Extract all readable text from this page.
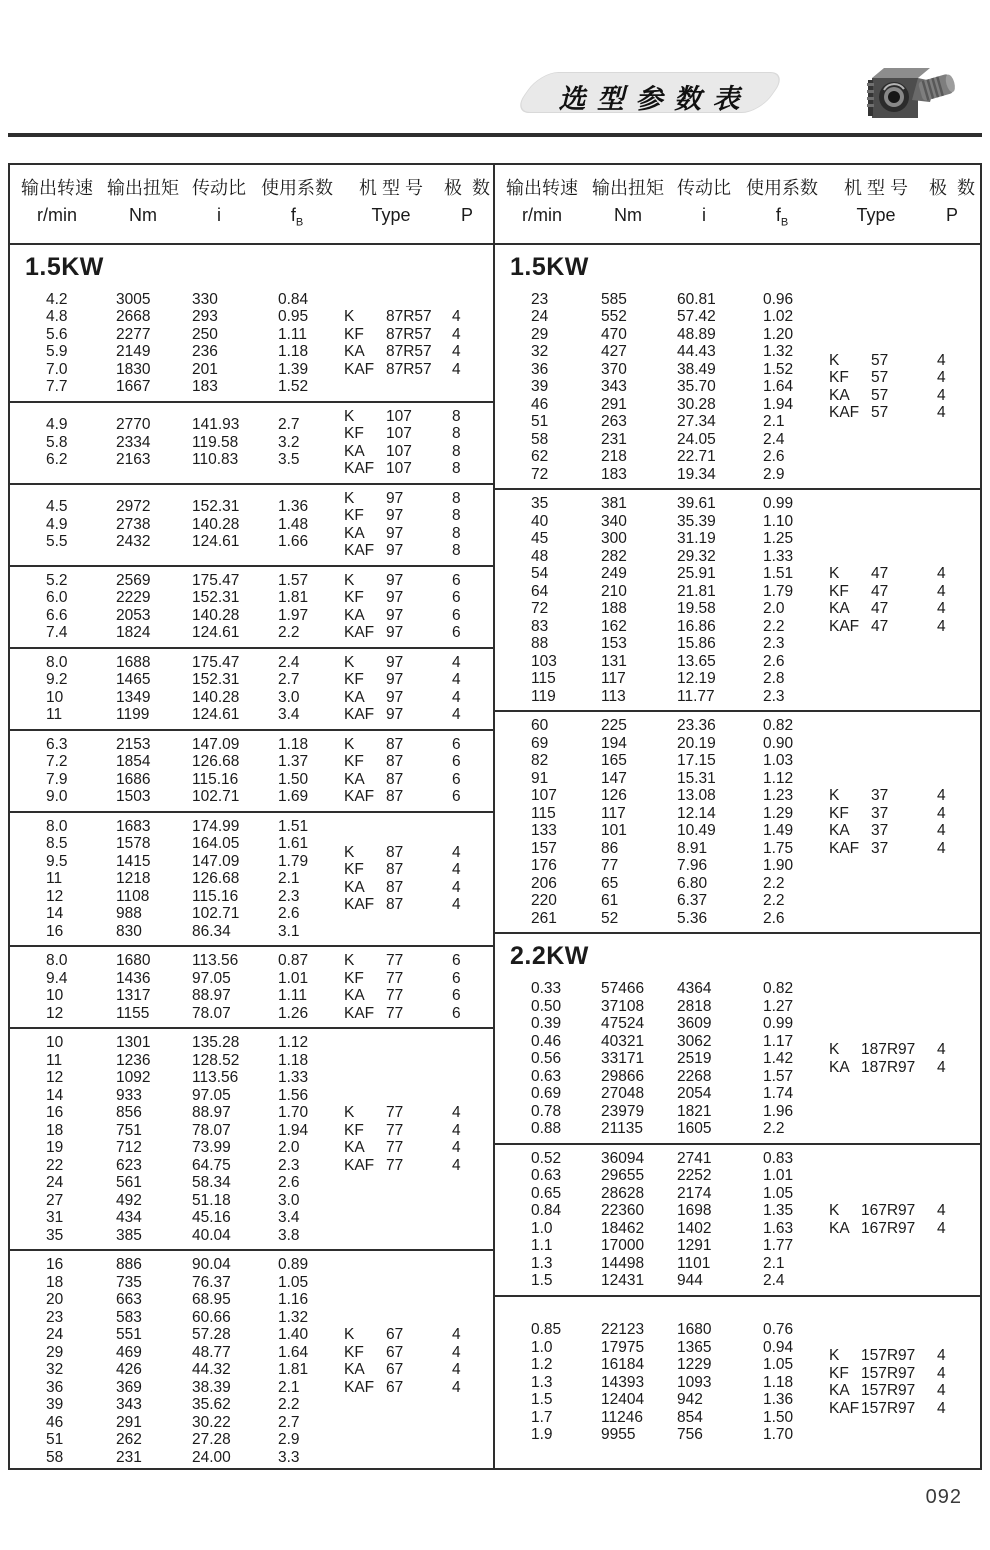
选 型 参 数 表
输出转速 输出扭矩 传动比 使用系数	机 型 号	极  数
r/min	Nm	i	$f_B$	Type	P
1.5KW
4.2	3005	330	0.84
4.8	2668	293	0.95
5.6	2277	250	1.11
5.9	2149	236	1.18
7.0	1830	201	1.39
7.7	1667	183	1.52
K	87R57	4
KF	87R57	4
KA	87R57	4
KAF 87R57	4
4.9	2770	141.93	2.7
5.8	2334	119.58	3.2
6.2	2163	110.83	3.5
K	107	8
KF	107	8
KA	107	8
KAF 107	8
4.5	2972	152.31	1.36
4.9	2738	140.28	1.48
5.5	2432	124.61	1.66
K	97	8
KF	97	8
KA	97	8
KAF 97	8
5.2	2569	175.47	1.57
6.0	2229	152.31	1.81
6.6	2053	140.28	1.97
7.4	1824	124.61	2.2
K	97	6
KF	97	6
KA	97	6
KAF 97	6
8.0	1688	175.47	2.4
9.2	1465	152.31	2.7
10	1349	140.28	3.0
11	1199	124.61	3.4
K	97	4
KF	97	4
KA	97	4
KAF 97	4
6.3	2153	147.09	1.18
7.2	1854	126.68	1.37
7.9	1686	115.16	1.50
9.0	1503	102.71	1.69
K	87	6
KF	87	6
KA	87	6
KAF 87	6
8.0	1683	174.99	1.51
8.5	1578	164.05	1.61
9.5	1415	147.09	1.79
11	1218	126.68	2.1
12	1108	115.16	2.3
14	988	102.71	2.6
16	830	86.34	3.1
K	87	4
KF	87	4
KA	87	4
KAF 87	4
8.0	1680	113.56	0.87
9.4	1436	97.05	1.01
10	1317	88.97	1.11
12	1155	78.07	1.26
K	77	6
KF	77	6
KA	77	6
KAF 77	6
10	1301	135.28	1.12
11	1236	128.52	1.18
12	1092	113.56	1.33
14	933	97.05	1.56
16	856	88.97	1.70
18	751	78.07	1.94
19	712	73.99	2.0
22	623	64.75	2.3
24	561	58.34	2.6
27	492	51.18	3.0
31	434	45.16	3.4
35	385	40.04	3.8
K	77	4
KF	77	4
KA	77	4
KAF 77	4
16	886	90.04	0.89
18	735	76.37	1.05
20	663	68.95	1.16
23	583	60.66	1.32
24	551	57.28	1.40
29	469	48.77	1.64
32	426	44.32	1.81
36	369	38.39	2.1
39	343	35.62	2.2
46	291	30.22	2.7
51	262	27.28	2.9
58	231	24.00	3.3
K	67	4
KF	67	4
KA	67	4
KAF 67	4
输出转速 输出扭矩 传动比 使用系数	机 型 号	极  数
r/min	Nm	i	$f_B$	Type	P
1.5KW
23	585	60.81	0.96
24	552	57.42	1.02
29	470	48.89	1.20
32	427	44.43	1.32
36	370	38.49	1.52
39	343	35.70	1.64
46	291	30.28	1.94
51	263	27.34	2.1
58	231	24.05	2.4
62	218	22.71	2.6
72	183	19.34	2.9
K	57	4
KF	57	4
KA	57	4
KAF 57	4
35	381	39.61	0.99
40	340	35.39	1.10
45	300	31.19	1.25
48	282	29.32	1.33
54	249	25.91	1.51
64	210	21.81	1.79
72	188	19.58	2.0
83	162	16.86	2.2
88	153	15.86	2.3
103	131	13.65	2.6
115	117	12.19	2.8
119	113	11.77	2.3
K	47	4
KF	47	4
KA	47	4
KAF 47	4
60	225	23.36	0.82
69	194	20.19	0.90
82	165	17.15	1.03
91	147	15.31	1.12
107	126	13.08	1.23
115	117	12.14	1.29
133	101	10.49	1.49
157	86	8.91	1.75
176	77	7.96	1.90
206	65	6.80	2.2
220	61	6.37	2.2
261	52	5.36	2.6
K	37	4
KF	37	4
KA	37	4
KAF 37	4
2.2KW
0.33	57466	4364	0.82
0.50	37108	2818	1.27
0.39	47524	3609	0.99
0.46	40321	3062	1.17
0.56	33171	2519	1.42
0.63	29866	2268	1.57
0.69	27048	2054	1.74
0.78	23979	1821	1.96
0.88	21135	1605	2.2
K	187R97	4
KA 187R97	4
0.52	36094	2741	0.83
0.63	29655	2252	1.01
0.65	28628	2174	1.05
0.84	22360	1698	1.35
1.0	18462	1402	1.63
1.1	17000	1291	1.77
1.3	14498	1101	2.1
1.5	12431	944	2.4
K	167R97	4
KA 167R97	4
0.85	22123	1680	0.76
1.0	17975	1365	0.94
1.2	16184	1229	1.05
1.3	14393	1093	1.18
1.5	12404	942	1.36
1.7	11246	854	1.50
1.9	9955	756	1.70
K	157R97	4
KF 157R97	4
KA 157R97	4
KAF 157R97	4
092
